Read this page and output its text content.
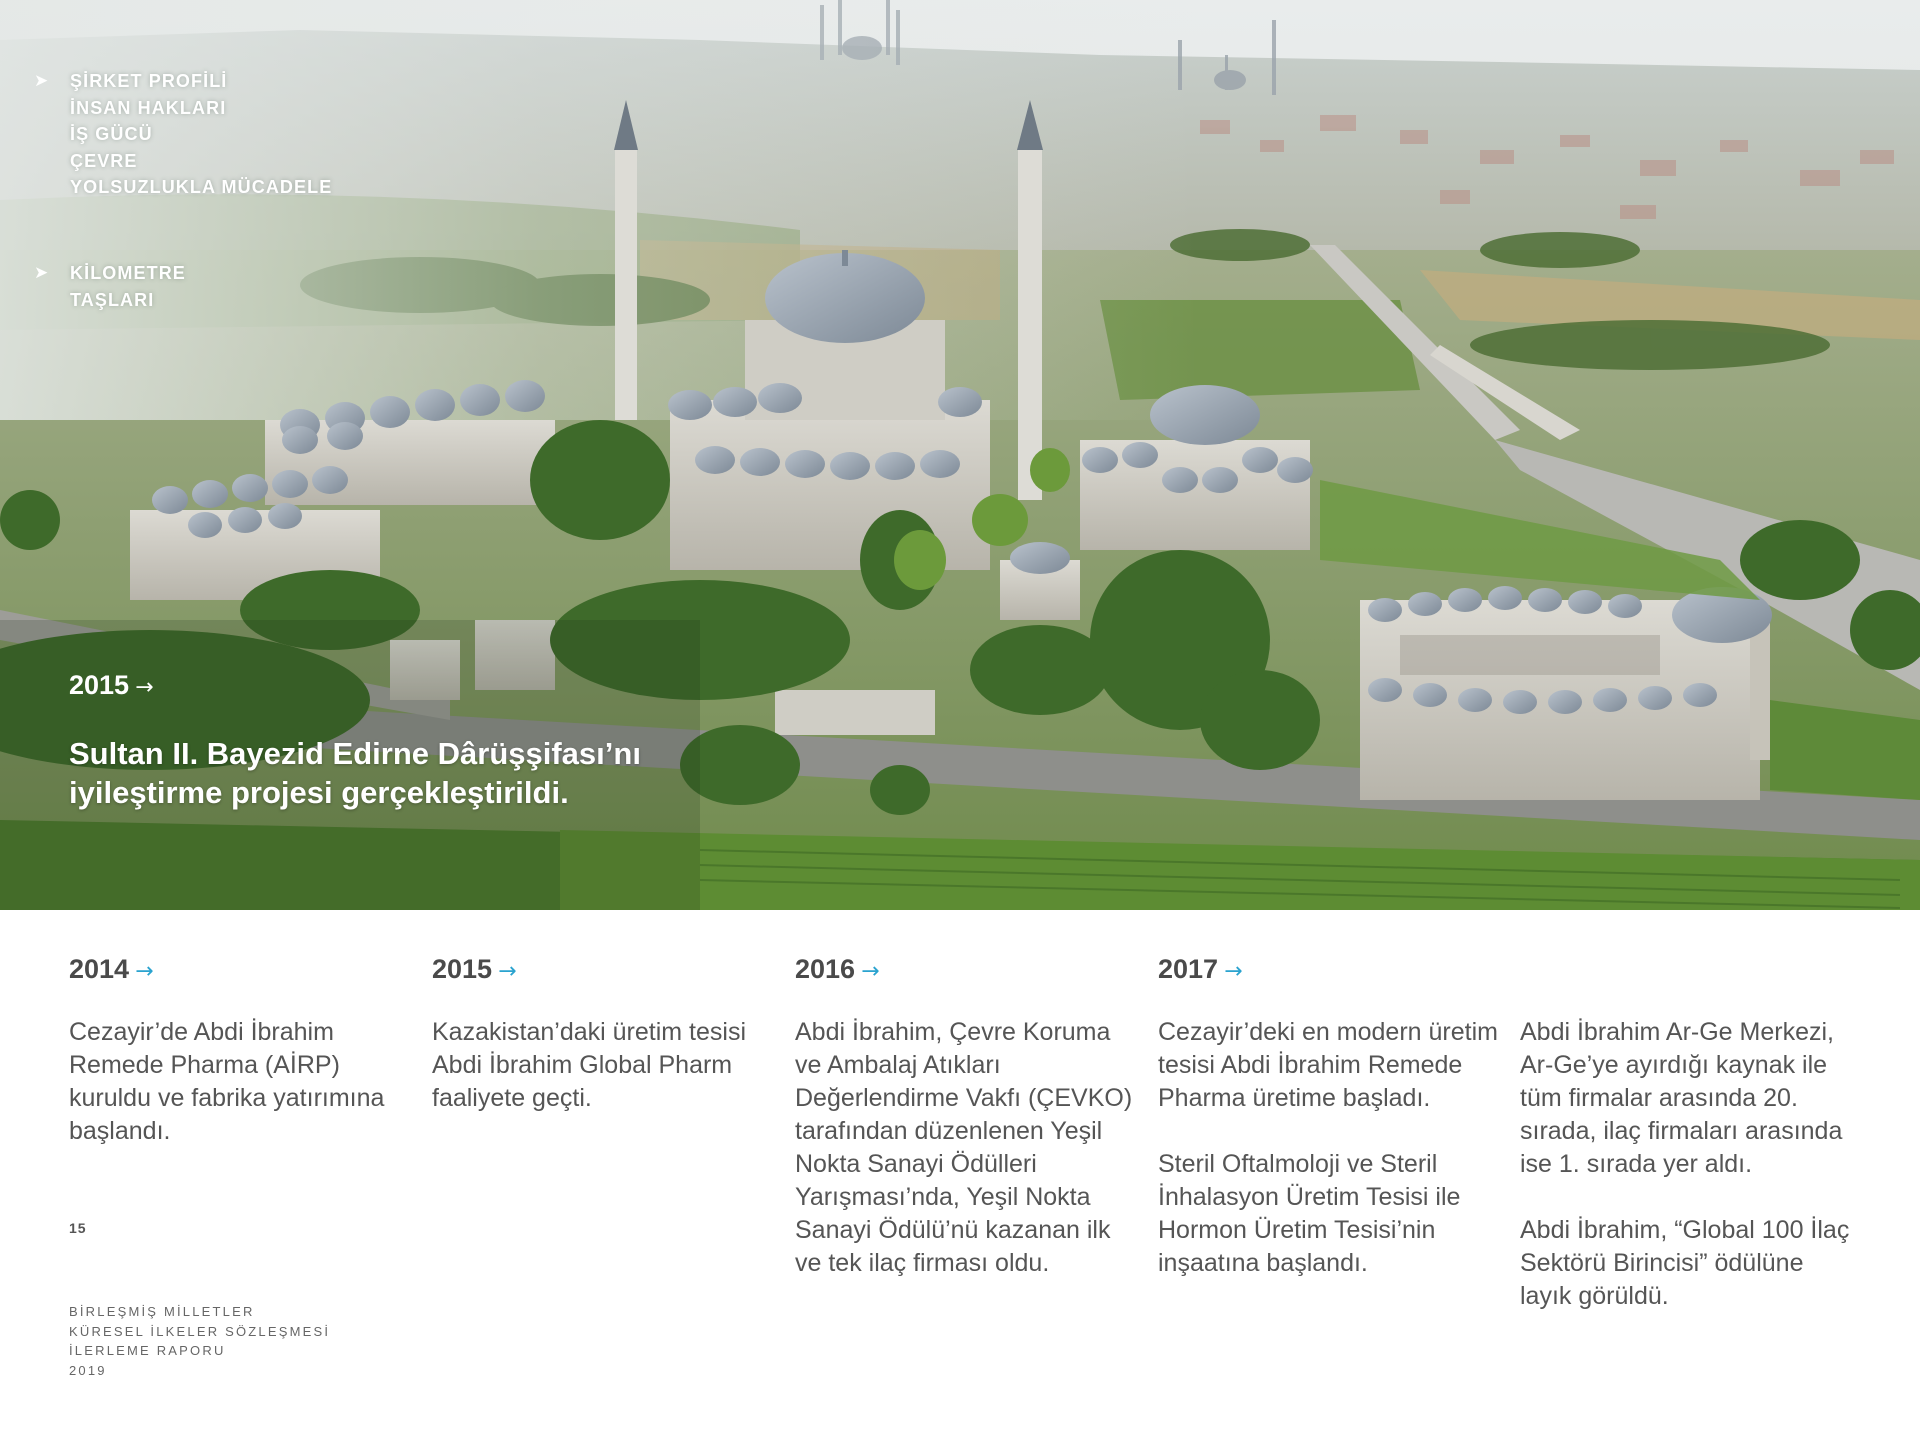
➤ ŞİRKET PROFİLİ
İNSAN HAKLARI
İŞ GÜCÜ
ÇEVRE
YOLSUZLUKLA MÜCADELE
➤ KİLOMETRE
TAŞLARI
2015 →
Sultan II. Bayezid Edirne Dârüşşifası’nı iyileştirme projesi gerçekleştirildi.
2014 →

Cezayir’de Abdi İbrahim Remede Pharma (AİRP) kuruldu ve fabrika yatırımına başlandı.

2015 →

Kazakistan’daki üretim tesisi Abdi İbrahim Global Pharm faaliyete geçti.

2016 →

Abdi İbrahim, Çevre Koruma ve Ambalaj Atıkları Değerlendirme Vakfı (ÇEVKO) tarafından düzenlenen Yeşil Nokta Sanayi Ödülleri Yarışması’nda, Yeşil Nokta Sanayi Ödülü’nü kazanan ilk ve tek ilaç firması oldu.

2017 →

Cezayir’deki en modern üretim tesisi Abdi İbrahim Remede Pharma üretime başladı.

Steril Oftalmoloji ve Steril İnhalasyon Üretim Tesisi ile Hormon Üretim Tesisi’nin inşaatına başlandı.

Abdi İbrahim Ar-Ge Merkezi, Ar-Ge’ye ayırdığı kaynak ile tüm firmalar arasında 20. sırada, ilaç firmaları arasında ise 1. sırada yer aldı.

Abdi İbrahim, “Global 100 İlaç Sektörü Birincisi” ödülüne layık görüldü.

15
BİRLEŞMİŞ MİLLETLER
KÜRESEL İLKELER SÖZLEŞMESİ
İLERLEME RAPORU
2019
